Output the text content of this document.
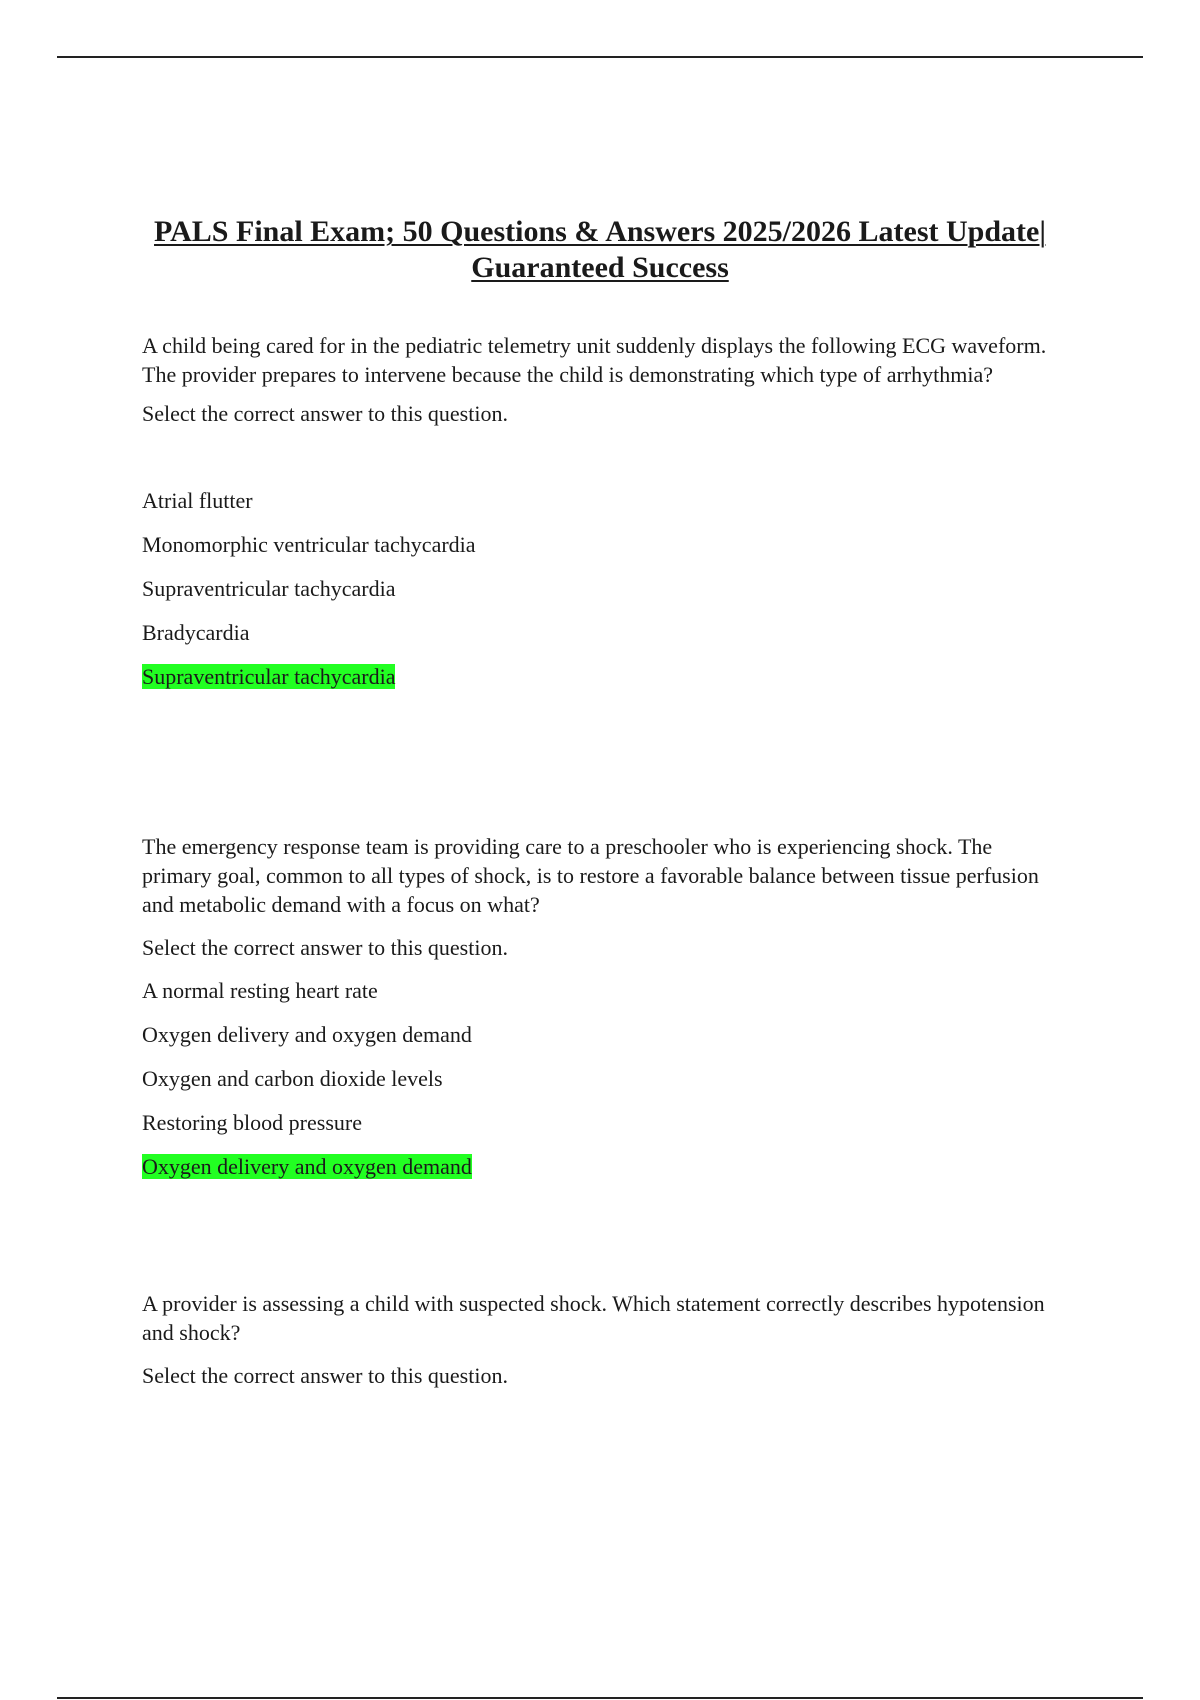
PALS Final Exam; 50 Questions & Answers 2025/2026 Latest Update| Guaranteed Success

A child being cared for in the pediatric telemetry unit suddenly displays the following ECG waveform. The provider prepares to intervene because the child is demonstrating which type of arrhythmia?

Select the correct answer to this question.

Atrial flutter

Monomorphic ventricular tachycardia

Supraventricular tachycardia

Bradycardia

Supraventricular tachycardia

The emergency response team is providing care to a preschooler who is experiencing shock. The primary goal, common to all types of shock, is to restore a favorable balance between tissue perfusion and metabolic demand with a focus on what?

Select the correct answer to this question.

A normal resting heart rate

Oxygen delivery and oxygen demand

Oxygen and carbon dioxide levels

Restoring blood pressure

Oxygen delivery and oxygen demand

A provider is assessing a child with suspected shock. Which statement correctly describes hypotension and shock?

Select the correct answer to this question.
